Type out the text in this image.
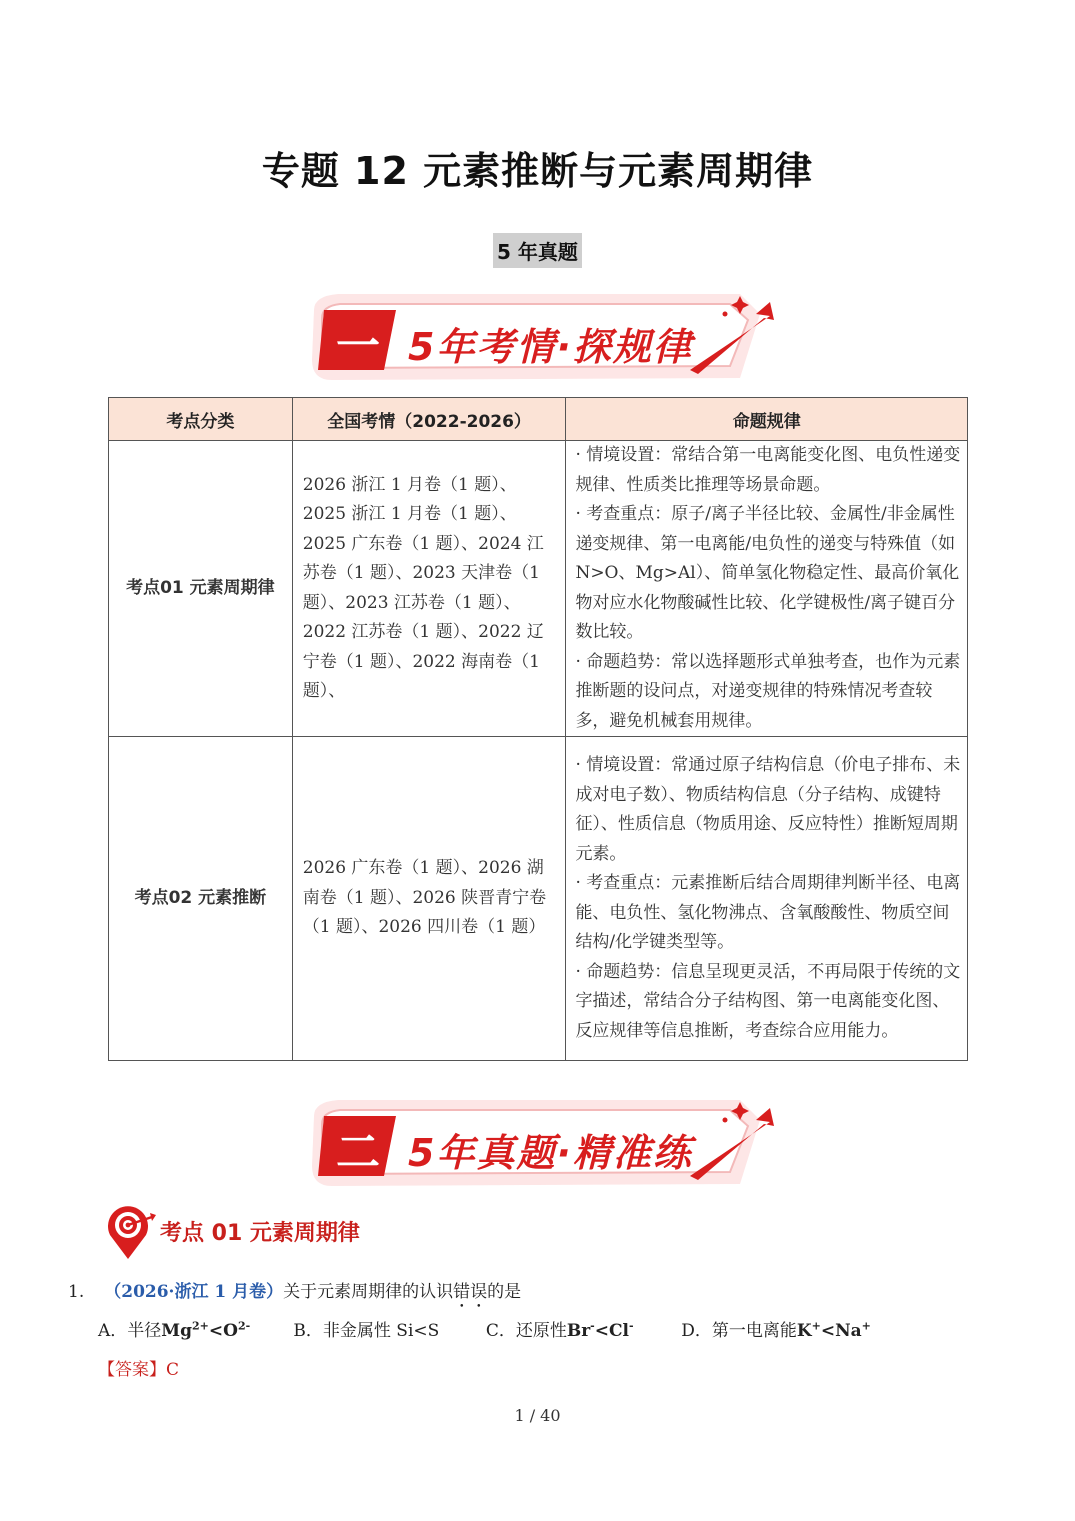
专题 12 元素推断与元素周期律
5 年真题
一 5年考情·探规律
考点分类	全国考情（2022-2026）	命题规律
考点01 元素周期律	2026 浙江 1 月卷（1 题）、2025 浙江 1 月卷（1 题）、2025 广东卷（1 题）、2024 江苏卷（1 题）、2023 天津卷（1 题）、2023 江苏卷（1 题）、2022 江苏卷（1 题）、2022 辽宁卷（1 题）、2022 海南卷（1 题）、	· 情境设置：常结合第一电离能变化图、电负性递变规律、性质类比推理等场景命题。

· 考查重点：原子/离子半径比较、金属性/非金属性递变规律、第一电离能/电负性的递变与特殊值（如 N>O、Mg>Al）、简单氢化物稳定性、最高价氧化物对应水化物酸碱性比较、化学键极性/离子键百分数比较。

· 命题趋势：常以选择题形式单独考查，也作为元素推断题的设问点，对递变规律的特殊情况考查较多，避免机械套用规律。

考点02 元素推断	2026 广东卷（1 题）、2026 湖南卷（1 题）、2026 陕晋青宁卷（1 题）、2026 四川卷（1 题）	· 情境设置：常通过原子结构信息（价电子排布、未成对电子数）、物质结构信息（分子结构、成键特征）、性质信息（物质用途、反应特性）推断短周期元素。

· 考查重点：元素推断后结合周期律判断半径、电离能、电负性、氢化物沸点、含氧酸酸性、物质空间结构/化学键类型等。

· 命题趋势：信息呈现更灵活，不再局限于传统的文字描述，常结合分子结构图、第一电离能变化图、反应规律等信息推断，考查综合应用能力。

二 5年真题·精准练
考点 01 元素周期律
1. （2026·浙江 1 月卷）关于元素周期律的认识错误的是
A．半径$Mg^{2+}<O^{2-}$	B．非金属性 Si<S	C．还原性Br-<Cl-	D．第一电离能K+<Na+
【答案】C
1 / 40
